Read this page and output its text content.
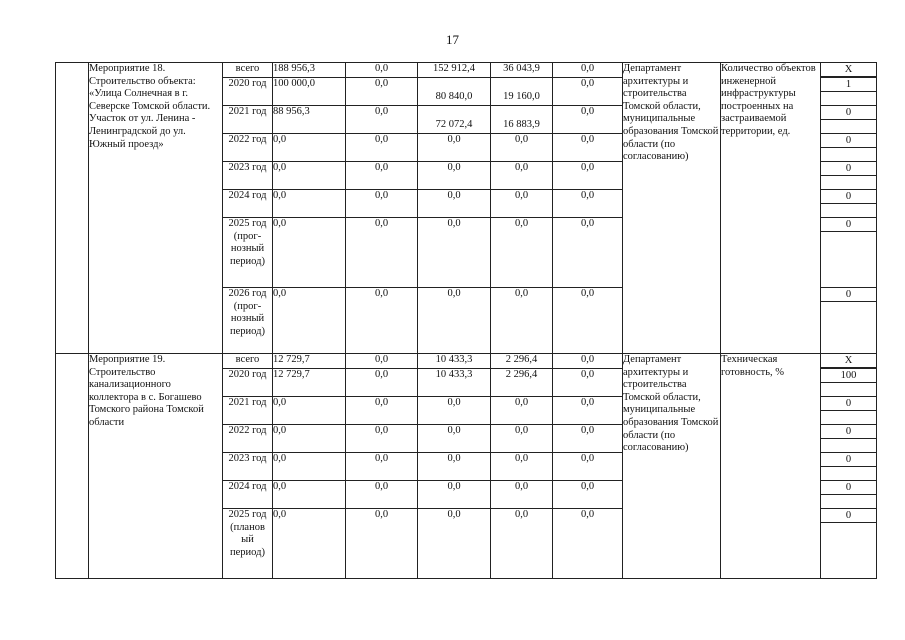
17
	Мероприятие 18. Строительство объекта: «Улица Солнечная в г. Северске Томской области. Участок от ул. Ленина - Ленинградской до ул. Южный проезд»	всего	188 956,3	0,0	152 912,4	36 043,9	0,0	Департамент архитектуры и строительства Томской области, муниципальные образования Томской области (по согласованию)	Количество объектов инженерной инфраструктуры построенных на застраиваемой территории, ед.	X

		2020 год	100 000,0	0,0	80 840,0	19 160,0	0,0			1

		2021 год	88 956,3	0,0	72 072,4	16 883,9	0,0			0

		2022 год	0,0	0,0	0,0	0,0	0,0			0

		2023 год	0,0	0,0	0,0	0,0	0,0			0

		2024 год	0,0	0,0	0,0	0,0	0,0			0

		2025 год (прог-нозный период)	0,0	0,0	0,0	0,0	0,0			0

		2026 год (прог-нозный период)	0,0	0,0	0,0	0,0	0,0			0

	Мероприятие 19. Строительство канализационного коллектора в с. Богашево Томского района Томской области	всего	12 729,7	0,0	10 433,3	2 296,4	0,0	Департамент архитектуры и строительства Томской области, муниципальные образования Томской области (по согласованию)	Техническая готовность, %	X

		2020 год	12 729,7	0,0	10 433,3	2 296,4	0,0			100

		2021 год	0,0	0,0	0,0	0,0	0,0			0

		2022 год	0,0	0,0	0,0	0,0	0,0			0

		2023 год	0,0	0,0	0,0	0,0	0,0			0

		2024 год	0,0	0,0	0,0	0,0	0,0			0

		2025 год (планов ый период)	0,0	0,0	0,0	0,0	0,0			0
